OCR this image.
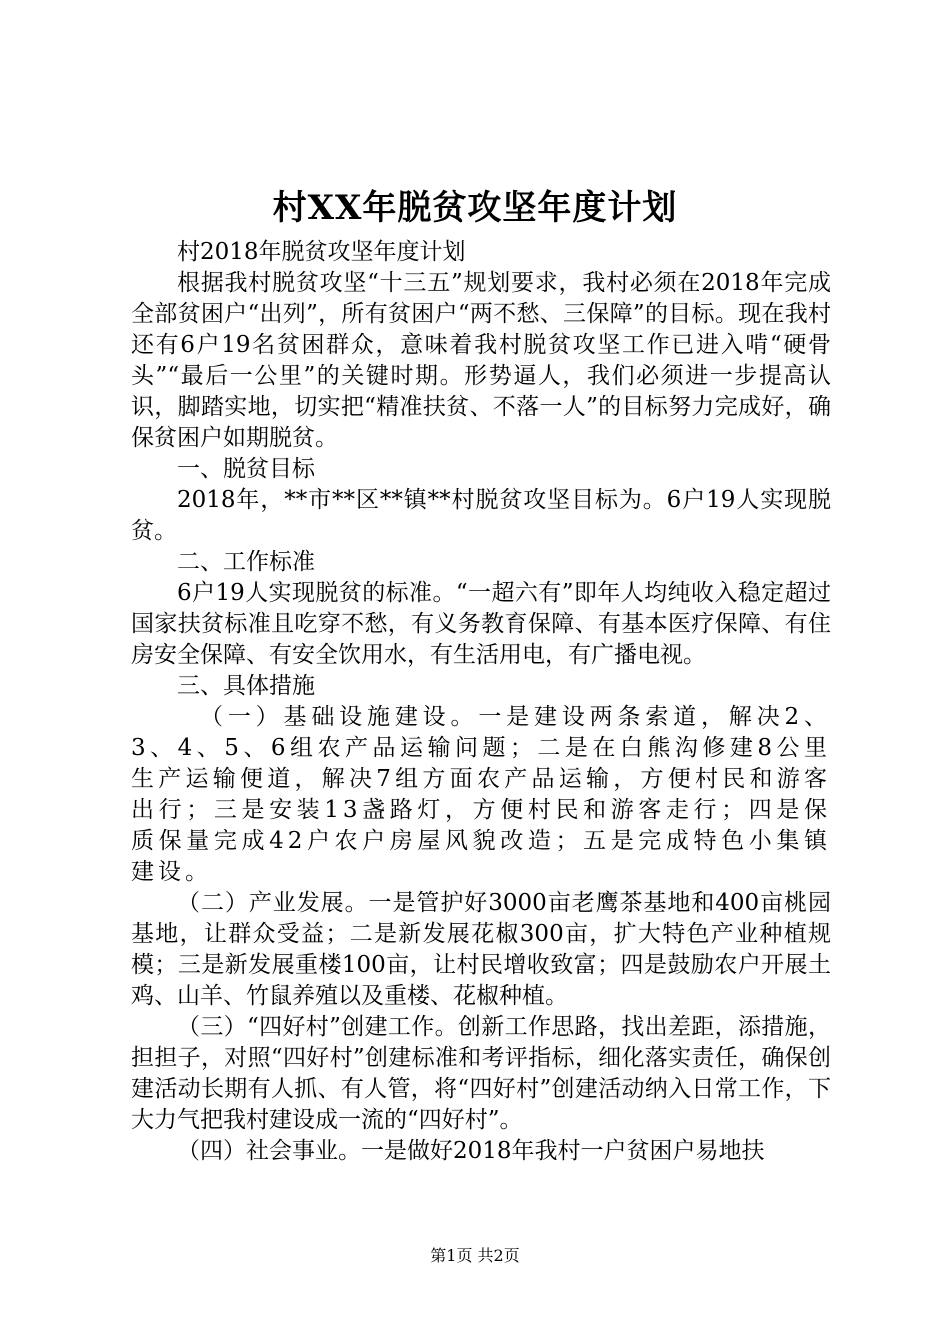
村XX年脱贫攻坚年度计划

村2018年脱贫攻坚年度计划

根据我村脱贫攻坚“十三五”规划要求，我村必须在2018年完成全部贫困户“出列”，所有贫困户“两不愁、三保障”的目标。现在我村还有6户19名贫困群众，意味着我村脱贫攻坚工作已进入啃“硬骨头”“最后一公里”的关键时期。形势逼人，我们必须进一步提高认识，脚踏实地，切实把“精准扶贫、不落一人”的目标努力完成好，确保贫困户如期脱贫。

一、脱贫目标

2018年，**市**区**镇**村脱贫攻坚目标为。6户19人实现脱贫。

二、工作标准

6户19人实现脱贫的标准。“一超六有”即年人均纯收入稳定超过国家扶贫标准且吃穿不愁，有义务教育保障、有基本医疗保障、有住房安全保障、有安全饮用水，有生活用电，有广播电视。

三、具体措施

（一）基础设施建设。一是建设两条索道，解决2、3、4、5、6组农产品运输问题；二是在白熊沟修建8公里生产运输便道，解决7组方面农产品运输，方便村民和游客出行；三是安装13盏路灯，方便村民和游客走行；四是保质保量完成42户农户房屋风貌改造；五是完成特色小集镇建设。

（二）产业发展。一是管护好3000亩老鹰茶基地和400亩桃园基地，让群众受益；二是新发展花椒300亩，扩大特色产业种植规模；三是新发展重楼100亩，让村民增收致富；四是鼓励农户开展土鸡、山羊、竹鼠养殖以及重楼、花椒种植。

（三）“四好村”创建工作。创新工作思路，找出差距，添措施，担担子，对照“四好村”创建标准和考评指标，细化落实责任，确保创建活动长期有人抓、有人管，将“四好村”创建活动纳入日常工作，下大力气把我村建设成一流的“四好村”。

（四）社会事业。一是做好2018年我村一户贫困户易地扶

第1页 共2页
